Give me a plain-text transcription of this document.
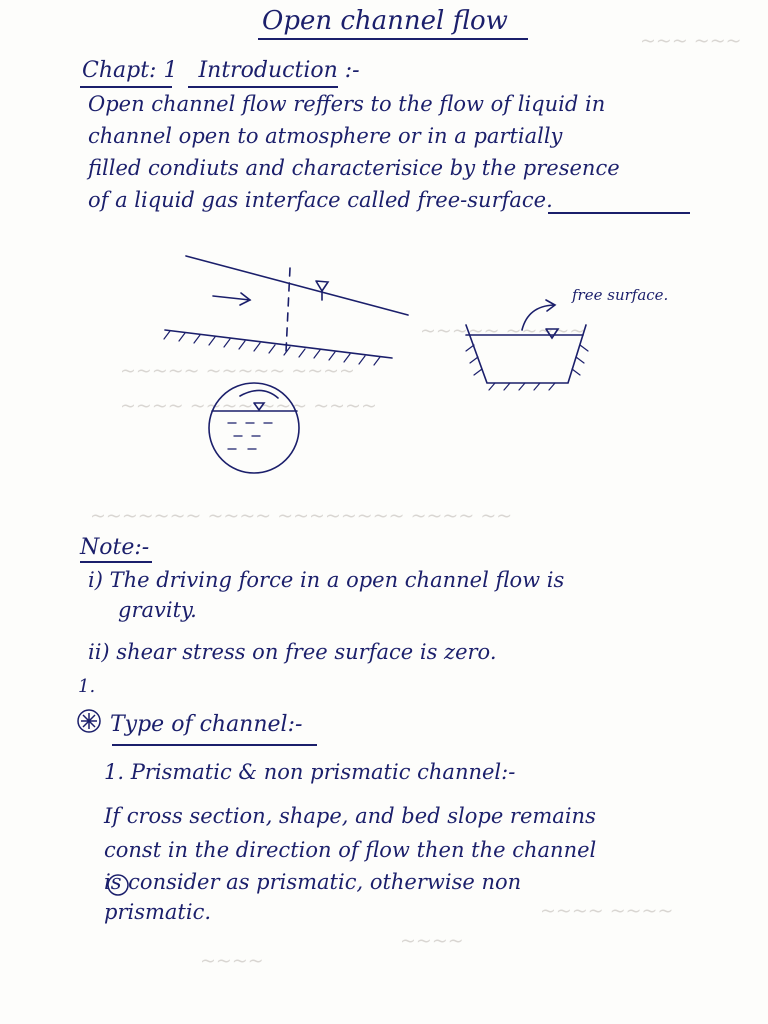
~~~ ~~~
~~~~~ ~~~~~
~~~~~ ~~~~~ ~~~~
~~~~ ~~~~ ~~~ ~~~~
~~~~~~~ ~~~~ ~~~~~~~~ ~~~~ ~~
~~~~ ~~~~
~~~~
~~~~
Open channel flow
Chapt: 1 Introduction :-
Open channel flow reffers to the flow of liquid in
channel open to atmosphere or in a partially
filled condiuts and characterisice by the presence
of a liquid gas interface called free-surface.
free surface.
Note:-
i) The driving force in a open channel flow is
gravity.
ii) shear stress on free surface is zero.
1.
Type of channel:-
1. Prismatic & non prismatic channel:-
If cross section, shape, and bed slope remains
const in the direction of flow then the channel
is consider as prismatic, otherwise non
prismatic.
